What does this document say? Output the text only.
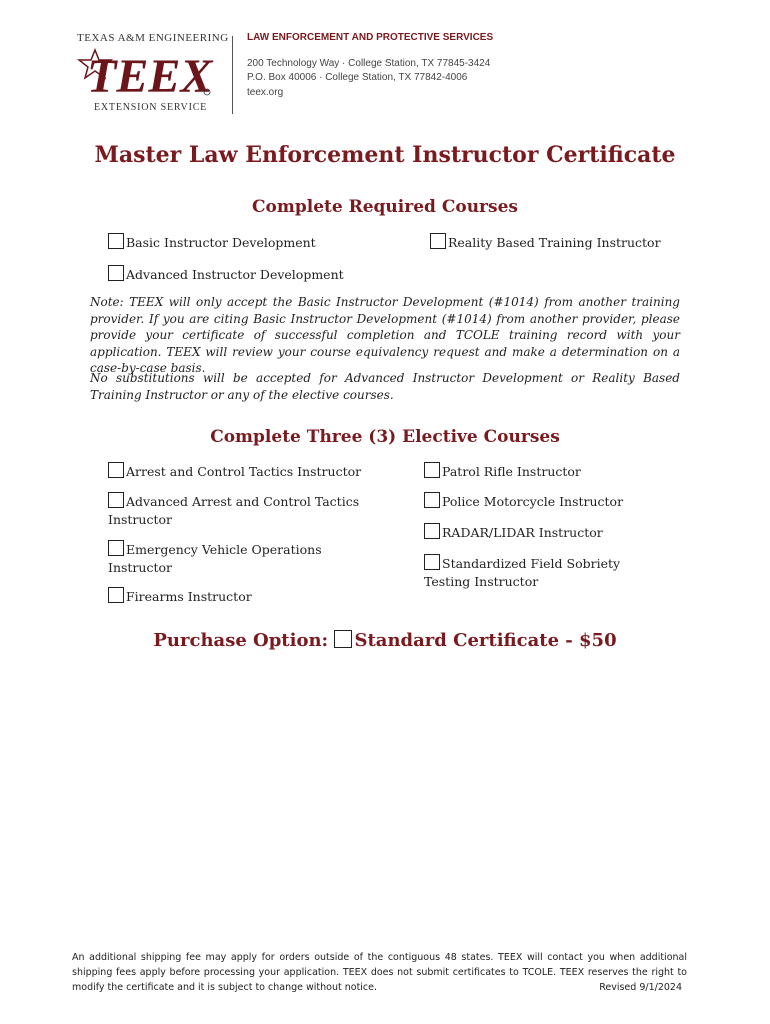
TEXAS A&M ENGINEERING
TEEX
EXTENSION SERVICE
LAW ENFORCEMENT AND PROTECTIVE SERVICES
200 Technology Way · College Station, TX 77845-3424
P.O. Box 40006 · College Station, TX 77842-4006
teex.org
Master Law Enforcement Instructor Certificate
Complete Required Courses
Basic Instructor Development	Reality Based Training Instructor
Advanced Instructor Development
Note: TEEX will only accept the Basic Instructor Development (#1014) from another training provider. If you are citing Basic Instructor Development (#1014) from another provider, please provide your certificate of successful completion and TCOLE training record with your application. TEEX will review your course equivalency request and make a determination on a case-by-case basis.
No substitutions will be accepted for Advanced Instructor Development or Reality Based Training Instructor or any of the elective courses.
Complete Three (3) Elective Courses
Arrest and Control Tactics Instructor
Advanced Arrest and Control Tactics Instructor
Emergency Vehicle Operations Instructor
Firearms Instructor
Patrol Rifle Instructor
Police Motorcycle Instructor
RADAR/LIDAR Instructor
Standardized Field Sobriety Testing Instructor
Purchase Option: Standard Certificate - $50
An additional shipping fee may apply for orders outside of the contiguous 48 states. TEEX will contact you when additional shipping fees apply before processing your application. TEEX does not submit certificates to TCOLE. TEEX reserves the right to modify the certificate and it is subject to change without notice.	Revised 9/1/2024
